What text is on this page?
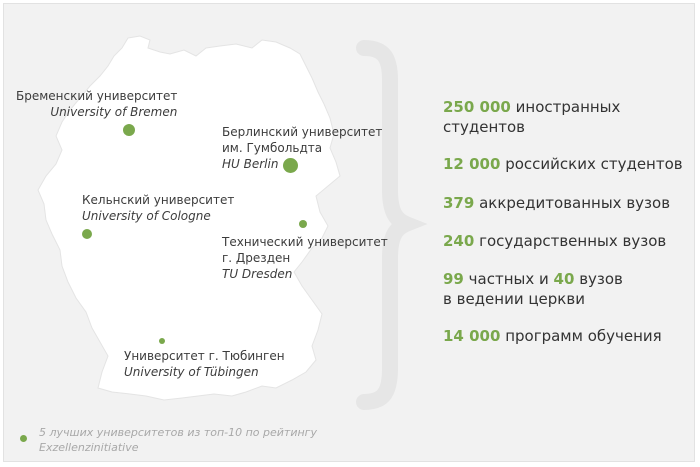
Бременский университет
University of Bremen
Берлинский университет
им. Гумбольдта
HU Berlin
Кельнский университет
University of Cologne
Технический университет
г. Дрезден
TU Dresden
Университет г. Тюбинген
University of Tübingen
250 000 иностранных
студентов
12 000 российских студентов
379 аккредитованных вузов
240 государственных вузов
99 частных и 40 вузов
в ведении церкви
14 000 программ обучения
5 лучших университетов из топ-10 по рейтингу
Exzellenzinitiative
